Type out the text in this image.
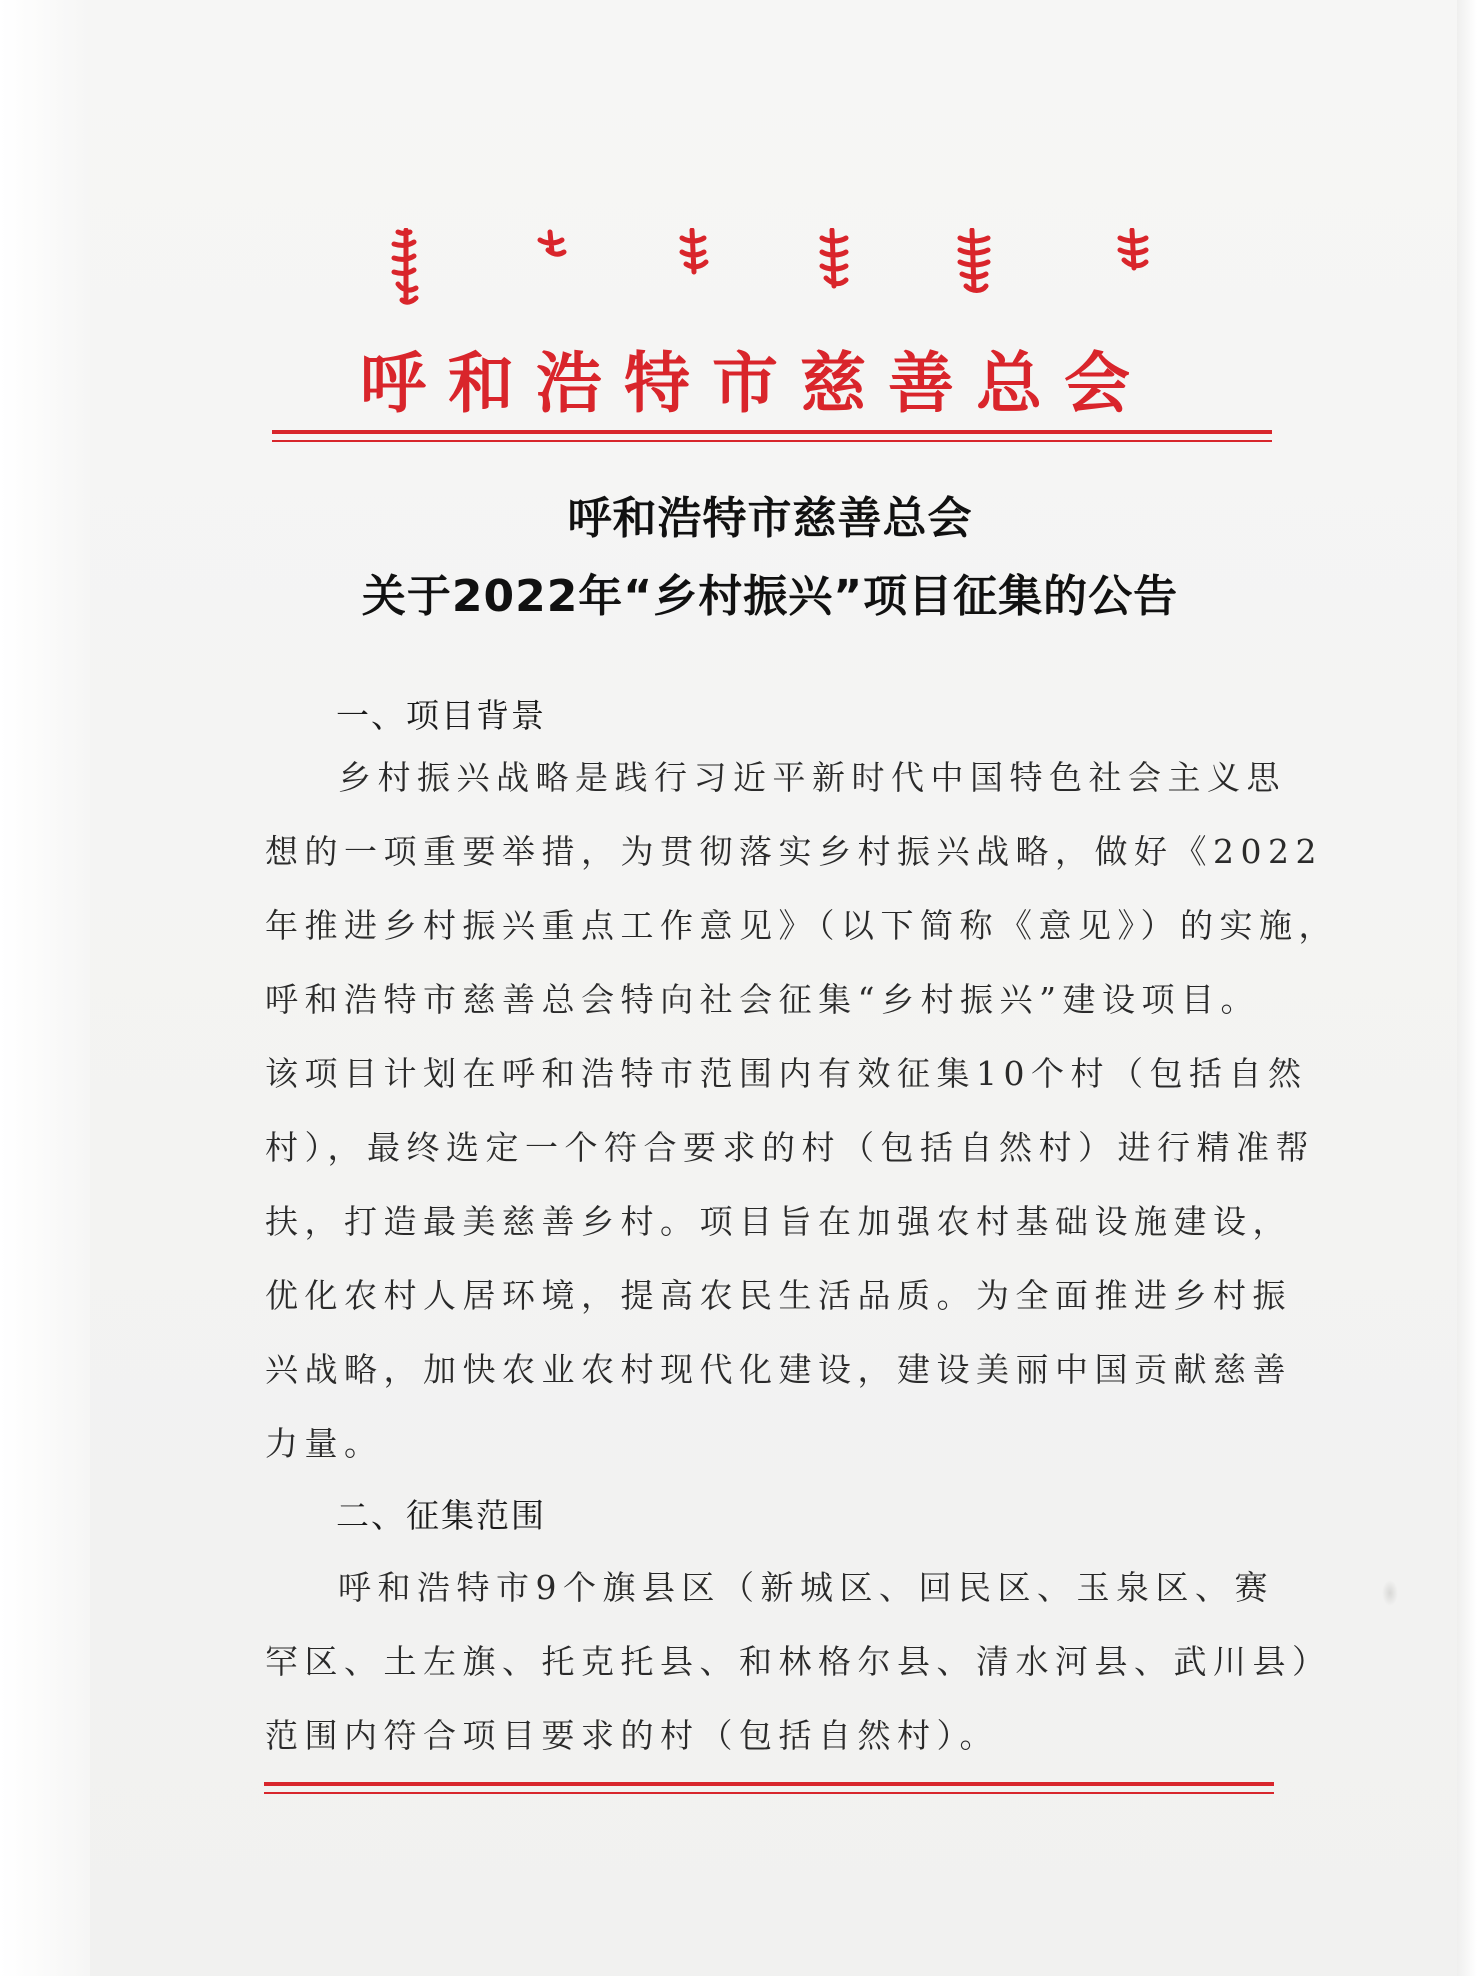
呼和浩特市慈善总会
呼和浩特市慈善总会
关于2022年“乡村振兴”项目征集的公告
一、项目背景
乡村振兴战略是践行习近平新时代中国特色社会主义思
想的一项重要举措，为贯彻落实乡村振兴战略，做好《2022
年推进乡村振兴重点工作意见》（以下简称《意见》）的实施，
呼和浩特市慈善总会特向社会征集“乡村振兴”建设项目。
该项目计划在呼和浩特市范围内有效征集10个村（包括自然
村），最终选定一个符合要求的村（包括自然村）进行精准帮
扶，打造最美慈善乡村。项目旨在加强农村基础设施建设，
优化农村人居环境，提高农民生活品质。为全面推进乡村振
兴战略，加快农业农村现代化建设，建设美丽中国贡献慈善
力量。
二、征集范围
呼和浩特市9个旗县区（新城区、回民区、玉泉区、赛
罕区、土左旗、托克托县、和林格尔县、清水河县、武川县）
范围内符合项目要求的村（包括自然村）。
